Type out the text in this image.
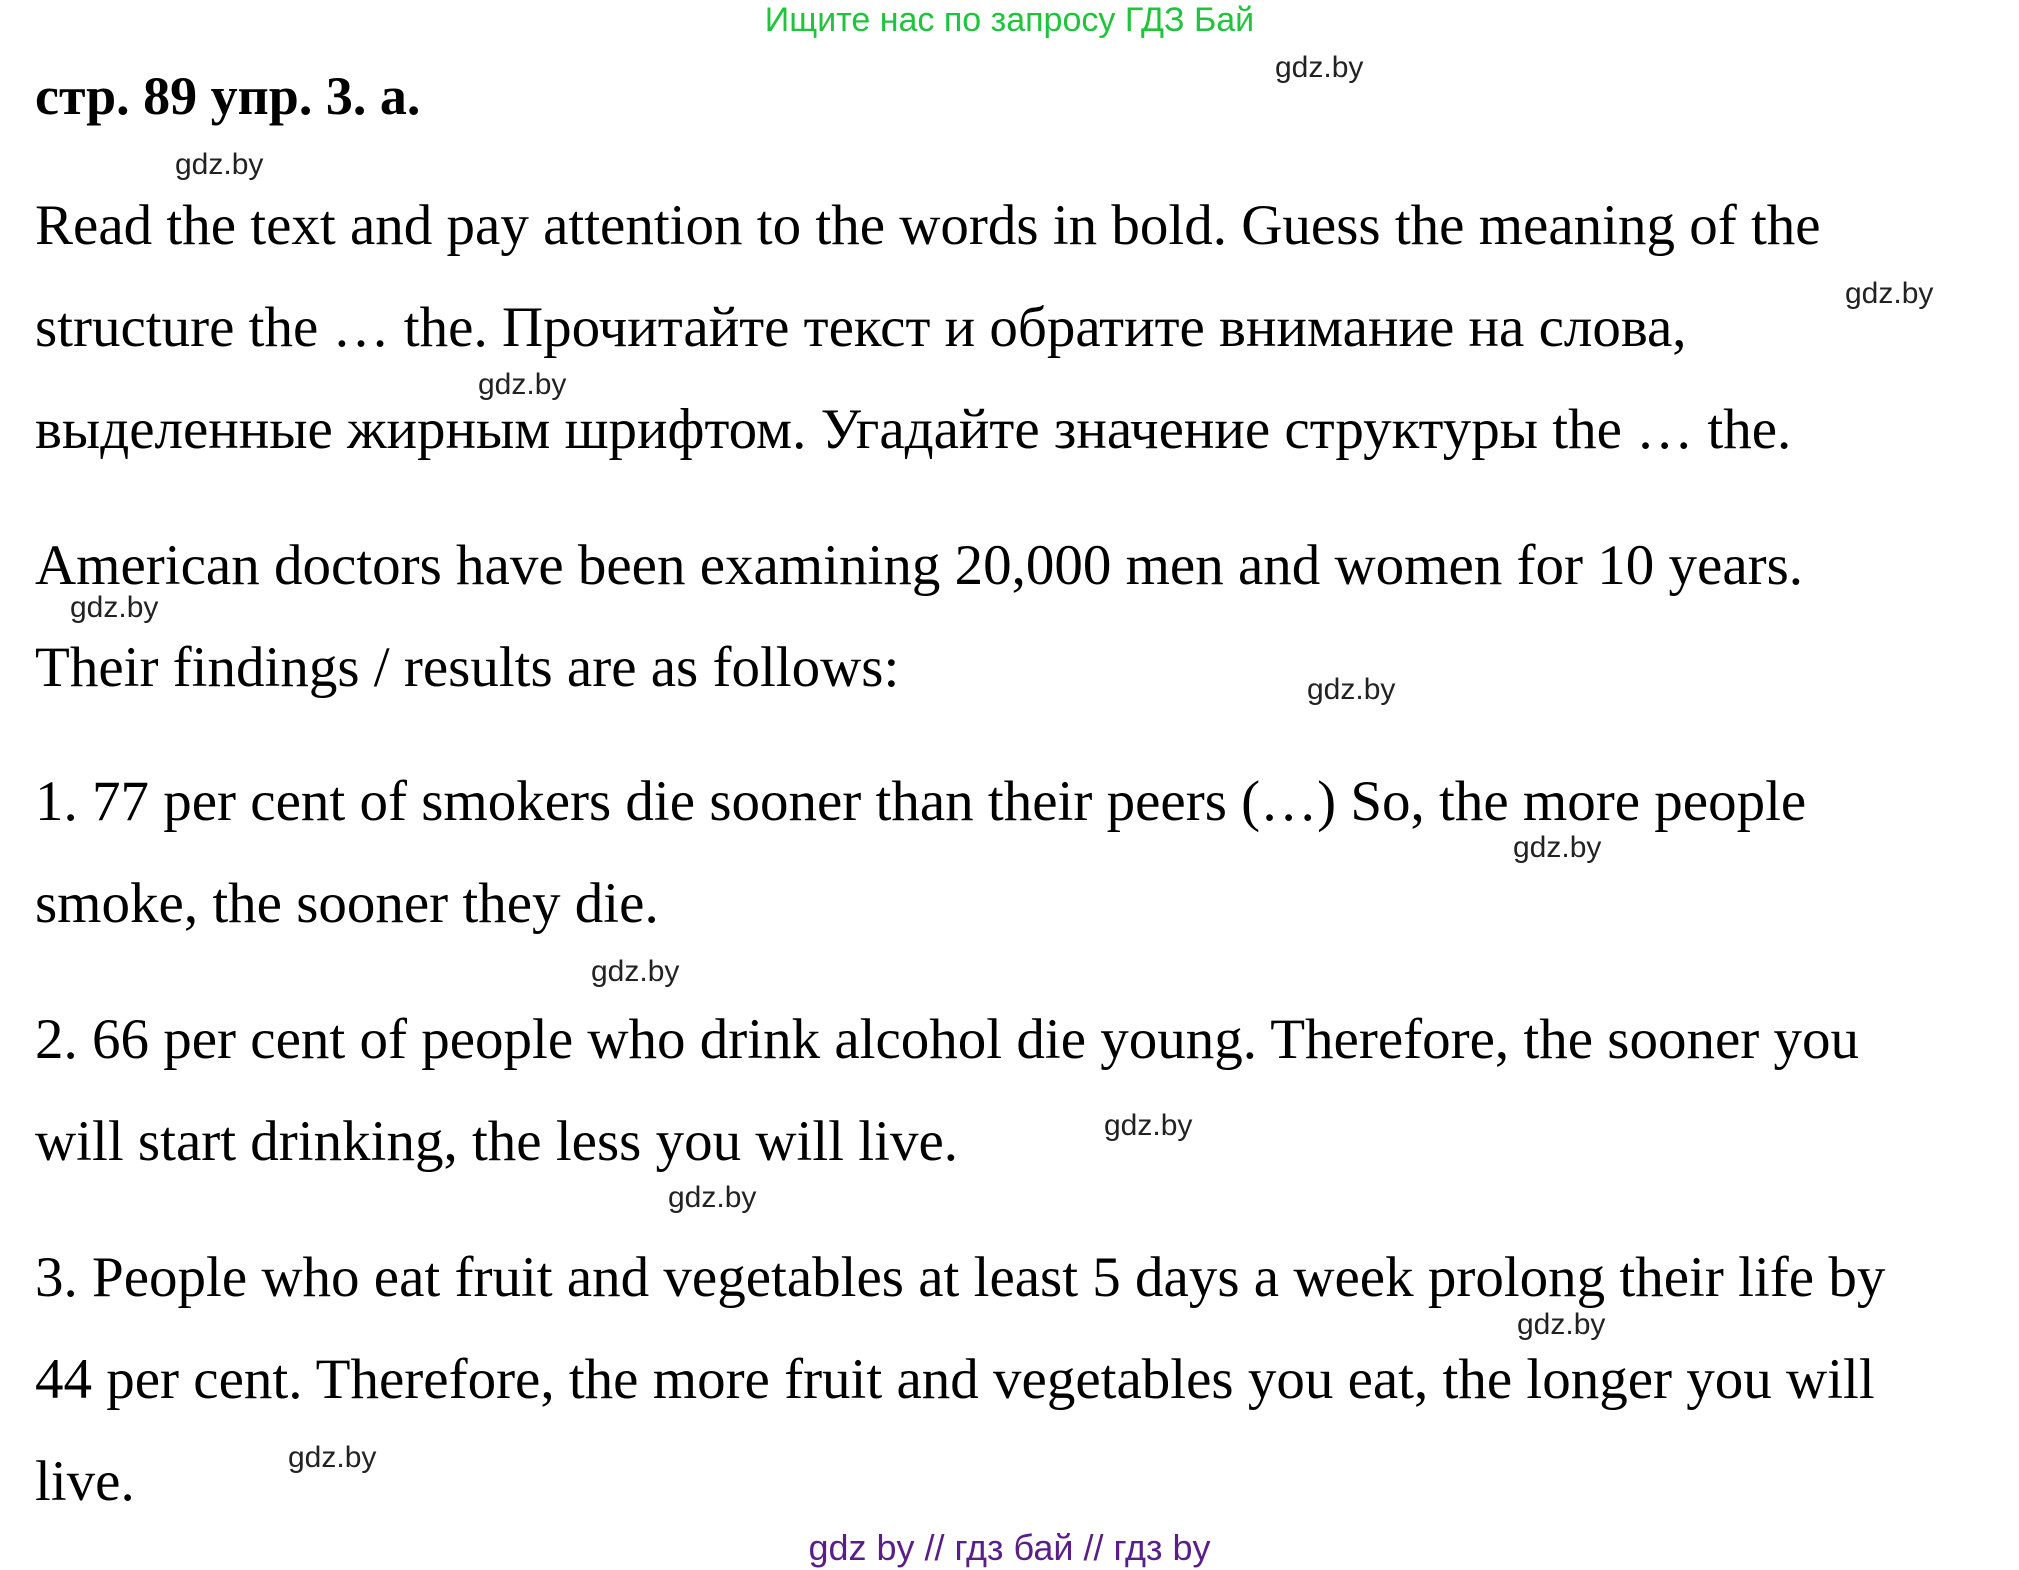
Ищите нас по запросу ГДЗ Бай
стр. 89 упр. 3. a.
Read the text and pay attention to the words in bold. Guess the meaning of the
structure the … the. Прочитайте текст и обратите внимание на слова,
выделенные жирным шрифтом. Угадайте значение структуры the … the.
American doctors have been examining 20,000 men and women for 10 years.
Their findings / results are as follows:
1. 77 per cent of smokers die sooner than their peers (…) So, the more people
smoke, the sooner they die.
2. 66 per cent of people who drink alcohol die young. Therefore, the sooner you
will start drinking, the less you will live.
3. People who eat fruit and vegetables at least 5 days a week prolong their life by
44 per cent. Therefore, the more fruit and vegetables you eat, the longer you will
live.
gdz.by
gdz.by
gdz.by
gdz.by
gdz.by
gdz.by
gdz.by
gdz.by
gdz.by
gdz.by
gdz.by
gdz.by
gdz by // гдз бай // гдз by
